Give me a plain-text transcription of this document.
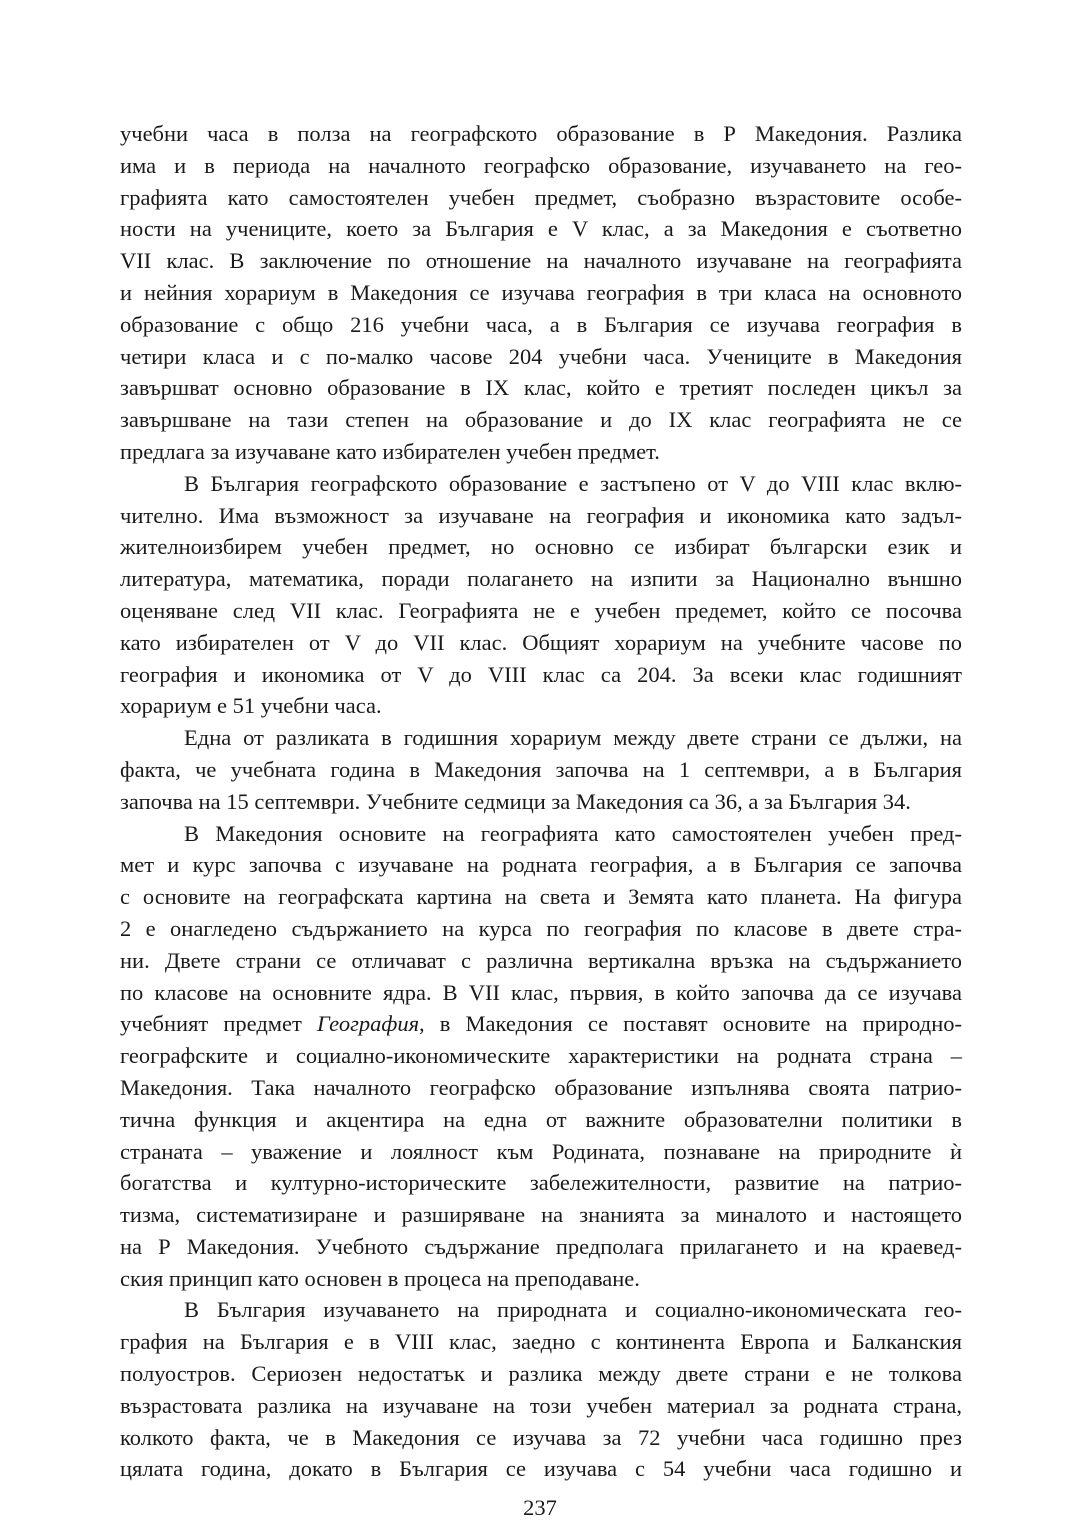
учебни часа в полза на географското образование в Р Македония. Разлика
има и в периода на началното географско образование, изучаването на гео-
графията като самостоятелен учебен предмет, съобразно възрастовите особе-
ности на учениците, което за България е V клас, а за Македония е съответно
VII клас. В заключение по отношение на началното изучаване на географията
и нейния хорариум в Македония се изучава география в три класа на основното
образование с общо 216 учебни часа, а в България се изучава география в
четири класа и с по-малко часове 204 учебни часа. Учениците в Македония
завършват основно образование в IX клас, който е третият последен цикъл за
завършване на тази степен на образование и до IX клас географията не се
предлага за изучаване като избирателен учебен предмет.
В България географското образование е застъпено от V до VIII клас вклю-
чително. Има възможност за изучаване на география и икономика като задъл-
жителноизбирем учебен предмет, но основно се избират български език и
литература, математика, поради полагането на изпити за Национално външно
оценяване след VII клас. Географията не е учебен предемет, който се посочва
като избирателен от V до VII клас. Общият хорариум на учебните часове по
география и икономика от V до VIII клас са 204. За всеки клас годишният
хорариум е 51 учебни часа.
Една от разликата в годишния хорариум между двете страни се дължи, на
факта, че учебната година в Македония започва на 1 септември, а в България
започва на 15 септември. Учебните седмици за Македония са 36, а за България 34.
В Македония основите на географията като самостоятелен учебен пред-
мет и курс започва с изучаване на родната география, а в България се започва
с основите на географската картина на света и Земята като планета. На фигура
2 е онагледено съдържанието на курса по география по класове в двете стра-
ни. Двете страни се отличават с различна вертикална връзка на съдържанието
по класове на основните ядра. В VII клас, първия, в който започва да се изучава
учебният предмет География, в Македония се поставят основите на природно-
географските и социално-икономическите характеристики на родната страна –
Македония. Така началното географско образование изпълнява своята патрио-
тична функция и акцентира на една от важните образователни политики в
страната – уважение и лоялност към Родината, познаване на природните ѝ
богатства и културно-историческите забележителности, развитие на патрио-
тизма, систематизиране и разширяване на знанията за миналото и настоящето
на Р Македония. Учебното съдържание предполага прилагането и на краевед-
ския принцип като основен в процеса на преподаване.
В България изучаването на природната и социално-икономическата гео-
графия на България е в VIII клас, заедно с континента Европа и Балканския
полуостров. Сериозен недостатък и разлика между двете страни е не толкова
възрастовата разлика на изучаване на този учебен материал за родната страна,
колкото факта, че в Македония се изучава за 72 учебни часа годишно през
цялата година, докато в България се изучава с 54 учебни часа годишно и
237
